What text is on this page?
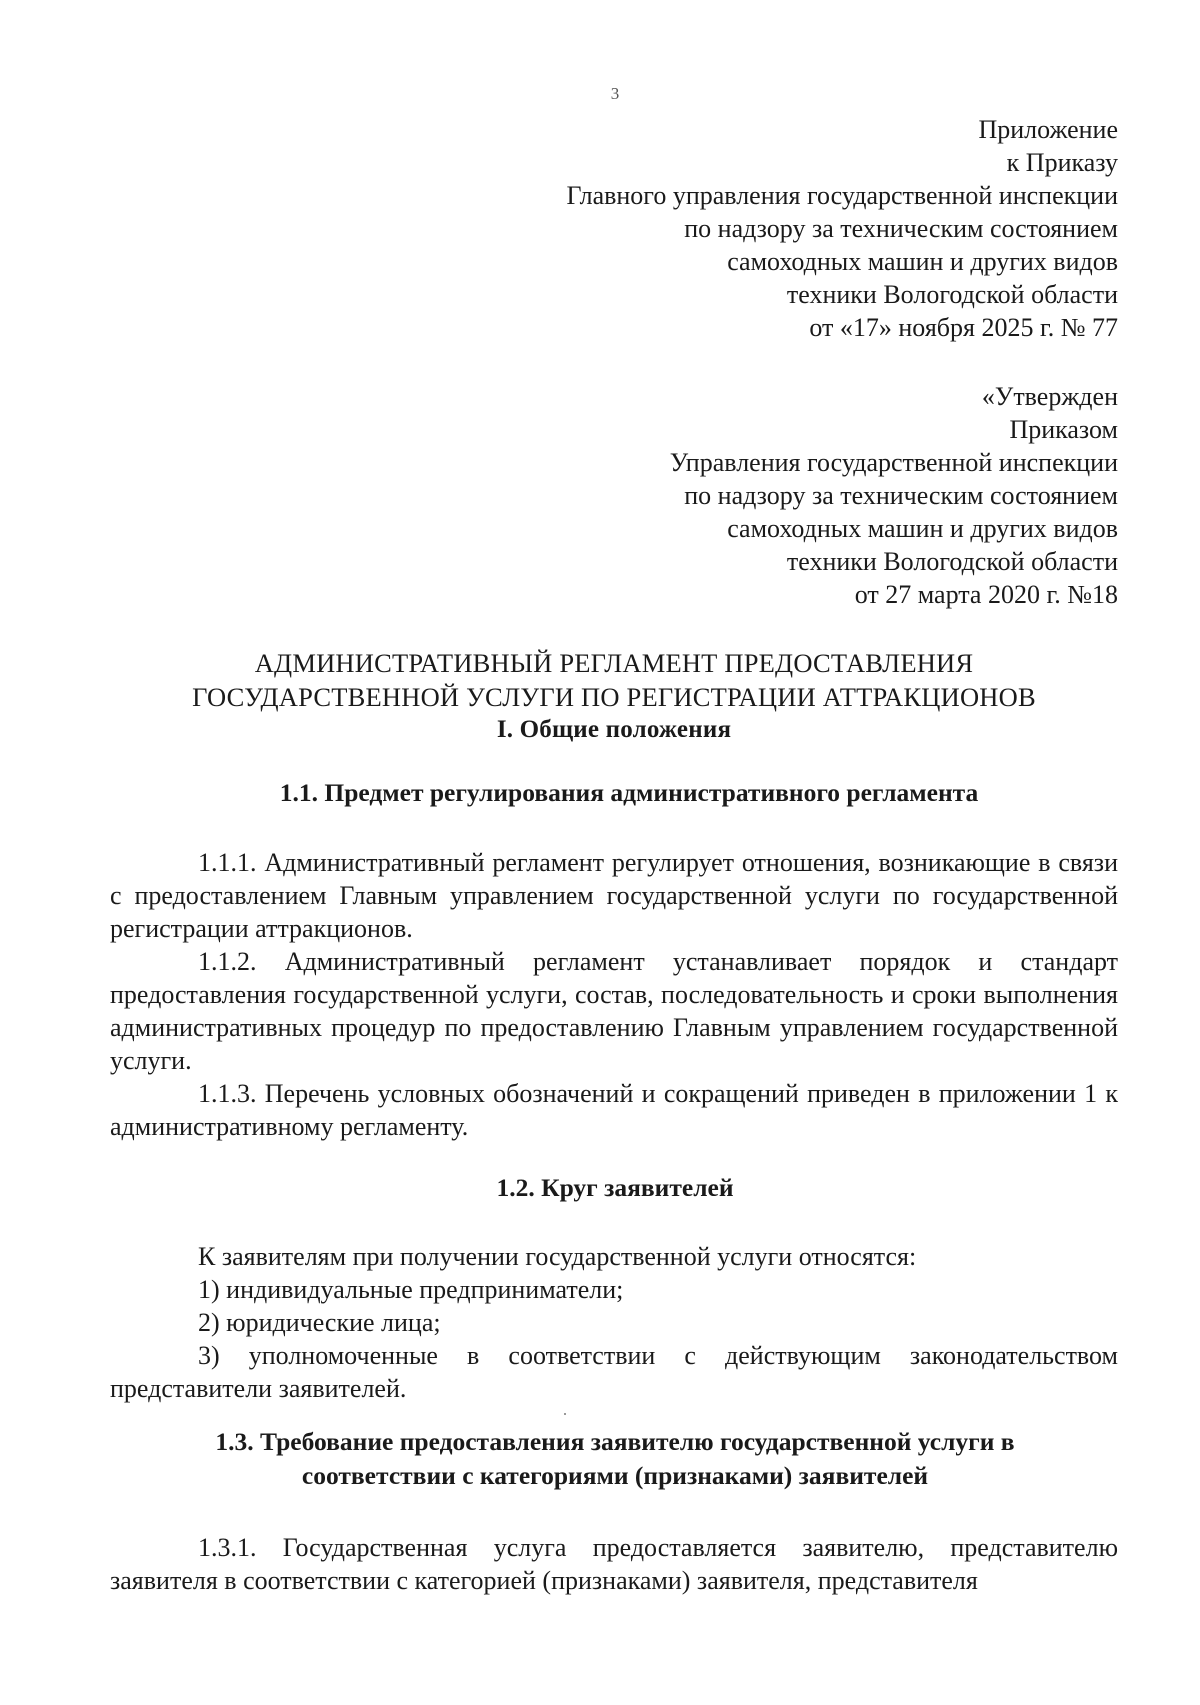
3
Приложение
к Приказу
Главного управления государственной инспекции
по надзору за техническим состоянием
самоходных машин и других видов
техники Вологодской области
от «17» ноября 2025 г. № 77
«Утвержден
Приказом
Управления государственной инспекции
по надзору за техническим состоянием
самоходных машин и других видов
техники Вологодской области
от 27 марта 2020 г. №18
АДМИНИСТРАТИВНЫЙ РЕГЛАМЕНТ ПРЕДОСТАВЛЕНИЯ
ГОСУДАРСТВЕННОЙ УСЛУГИ ПО РЕГИСТРАЦИИ АТТРАКЦИОНОВ
I. Общие положения
1.1. Предмет регулирования административного регламента
1.1.1. Административный регламент регулирует отношения, возникающие в связи с предоставлением Главным управлением государственной услуги по государственной регистрации аттракционов.
1.1.2. Административный регламент устанавливает порядок и стандарт предоставления государственной услуги, состав, последовательность и сроки выполнения административных процедур по предоставлению Главным управлением государственной услуги.
1.1.3. Перечень условных обозначений и сокращений приведен в приложении 1 к административному регламенту.
1.2. Круг заявителей
К заявителям при получении государственной услуги относятся:
1) индивидуальные предприниматели;
2) юридические лица;
3) уполномоченные в соответствии с действующим законодательством представители заявителей.
1.3. Требование предоставления заявителю государственной услуги в
соответствии с категориями (признаками) заявителей
1.3.1. Государственная услуга предоставляется заявителю, представителю заявителя в соответствии с категорией (признаками) заявителя, представителя
